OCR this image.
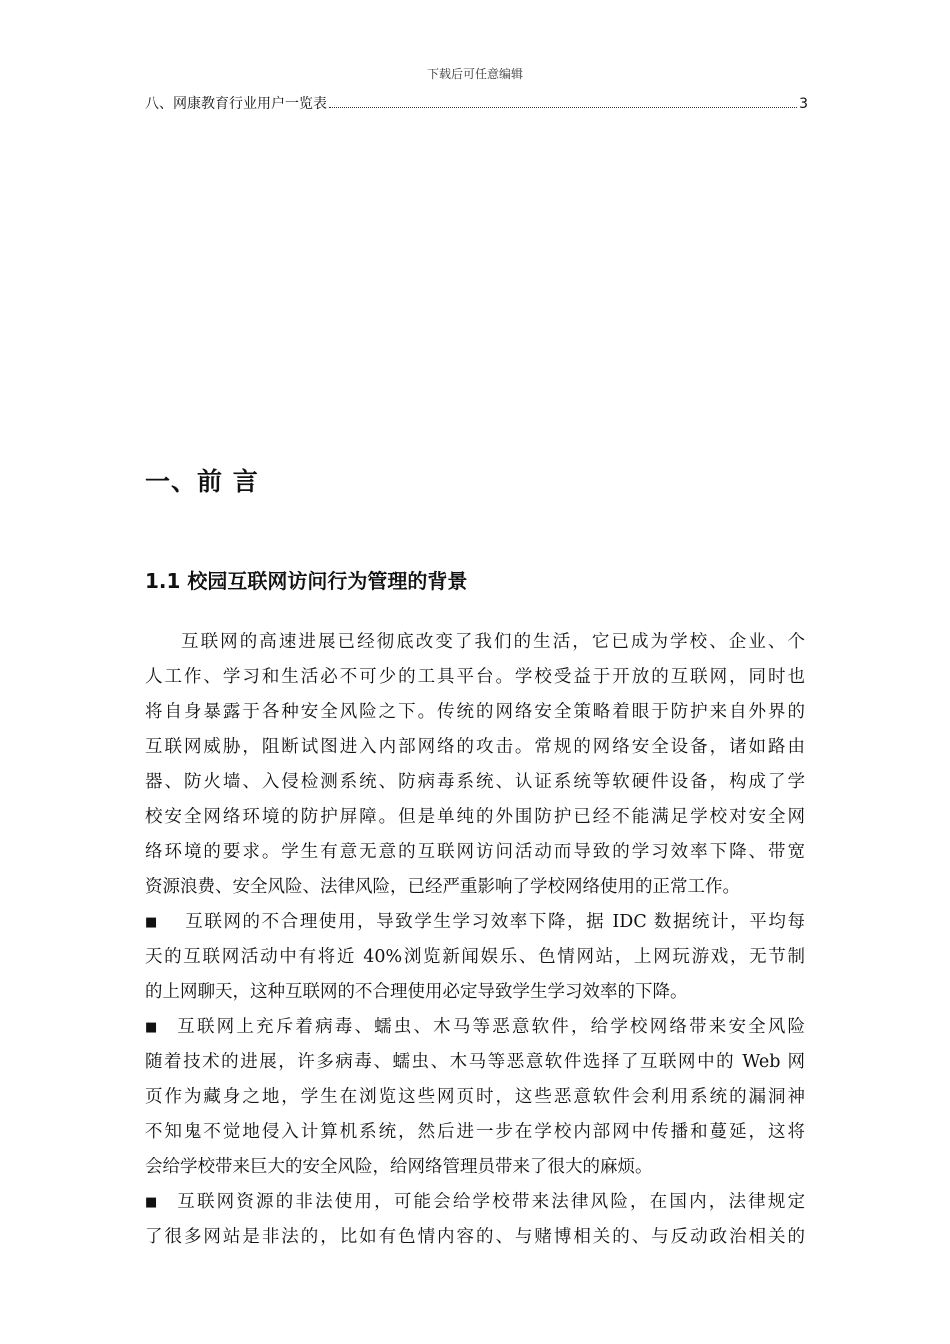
下载后可任意编辑
八、网康教育行业用户一览表	3
一、前 言
1.1 校园互联网访问行为管理的背景
互联网的高速进展已经彻底改变了我们的生活，它已成为学校、企业、个
人工作、学习和生活必不可少的工具平台。学校受益于开放的互联网，同时也
将自身暴露于各种安全风险之下。传统的网络安全策略着眼于防护来自外界的
互联网威胁，阻断试图进入内部网络的攻击。常规的网络安全设备，诸如路由
器、防火墙、入侵检测系统、防病毒系统、认证系统等软硬件设备，构成了学
校安全网络环境的防护屏障。但是单纯的外围防护已经不能满足学校对安全网
络环境的要求。学生有意无意的互联网访问活动而导致的学习效率下降、带宽
资源浪费、安全风险、法律风险，已经严重影响了学校网络使用的正常工作。
■ 互联网的不合理使用，导致学生学习效率下降，据 IDC 数据统计，平均每
天的互联网活动中有将近 40%浏览新闻娱乐、色情网站，上网玩游戏，无节制
的上网聊天，这种互联网的不合理使用必定导致学生学习效率的下降。
■ 互联网上充斥着病毒、蠕虫、木马等恶意软件，给学校网络带来安全风险
随着技术的进展，许多病毒、蠕虫、木马等恶意软件选择了互联网中的 Web 网
页作为藏身之地，学生在浏览这些网页时，这些恶意软件会利用系统的漏洞神
不知鬼不觉地侵入计算机系统，然后进一步在学校内部网中传播和蔓延，这将
会给学校带来巨大的安全风险，给网络管理员带来了很大的麻烦。
■ 互联网资源的非法使用，可能会给学校带来法律风险，在国内，法律规定
了很多网站是非法的，比如有色情内容的、与赌博相关的、与反动政治相关的
